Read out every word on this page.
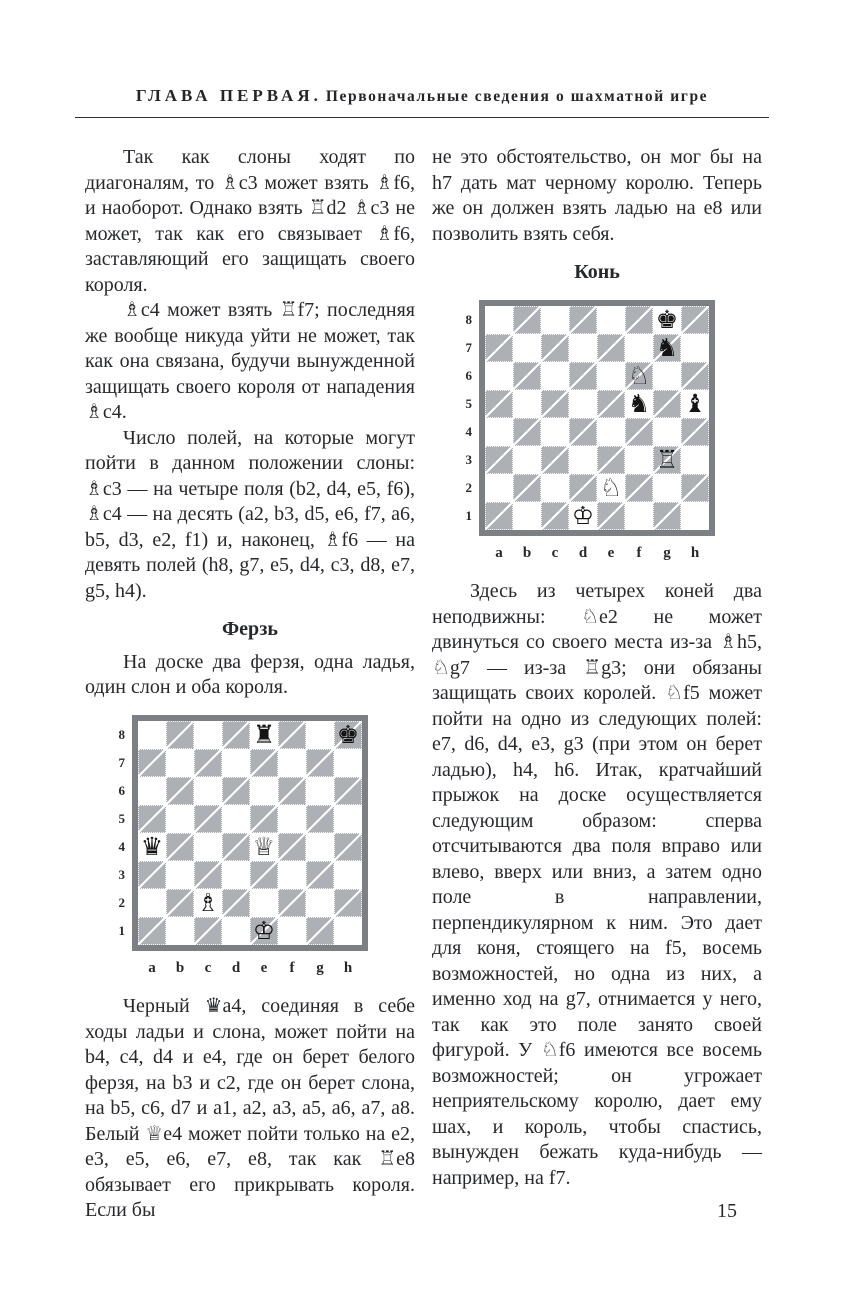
ГЛАВА ПЕРВАЯ. Первоначальные сведения о шахматной игре

Так как слоны ходят по диагоналям, то ♗c3 может взять ♗f6, и наоборот. Однако взять ♖d2 ♗c3 не может, так как его связывает ♗f6, заставляющий его защищать своего короля.

♗c4 может взять ♖f7; последняя же вообще никуда уйти не может, так как она связана, будучи вынужденной защищать своего короля от нападения ♗c4.

Число полей, на которые могут пойти в данном положении слоны: ♗c3 — на четыре поля (b2, d4, e5, f6), ♗c4 — на десять (a2, b3, d5, e6, f7, a6, b5, d3, e2, f1) и, наконец, ♗f6 — на девять полей (h8, g7, e5, d4, c3, d8, e7, g5, h4).

Ферзь

На доске два ферзя, одна ладья, один слон и оба короля.

8
7
6
5
4
3
2
1
♜ ♚
♛	♕
♗
♔
a	b	c	d	e	f	g	h

Черный ♛a4, соединяя в себе ходы ладьи и слона, может пойти на b4, c4, d4 и e4, где он берет белого ферзя, на b3 и c2, где он берет слона, на b5, c6, d7 и a1, a2, a3, a5, a6, a7, a8. Белый ♕e4 может пойти только на e2, e3, e5, e6, e7, e8, так как ♖e8 обязывает его прикрывать короля. Если бы

не это обстоятельство, он мог бы на h7 дать мат черному королю. Теперь же он должен взять ладью на e8 или позволить взять себя.

Конь
8
7
6
5
4
3
2
1
♚
♞
♘
♞ ♝
♖
♘
♔
a	b	c	d	e	f	g	h

Здесь из четырех коней два неподвижны: ♘e2 не может двинуться со своего места из-за ♗h5, ♘g7 — из-за ♖g3; они обязаны защищать своих королей. ♘f5 может пойти на одно из следующих полей: e7, d6, d4, e3, g3 (при этом он берет ладью), h4, h6. Итак, кратчайший прыжок на доске осуществляется следующим образом: сперва отсчитываются два поля вправо или влево, вверх или вниз, а затем одно поле в направлении, перпендикулярном к ним. Это дает для коня, стоящего на f5, восемь возможностей, но одна из них, а именно ход на g7, отнимается у него, так как это поле занято своей фигурой. У ♘f6 имеются все восемь возможностей; он угрожает неприятельскому королю, дает ему шах, и король, чтобы спастись, вынужден бежать куда-нибудь — например, на f7.

15
